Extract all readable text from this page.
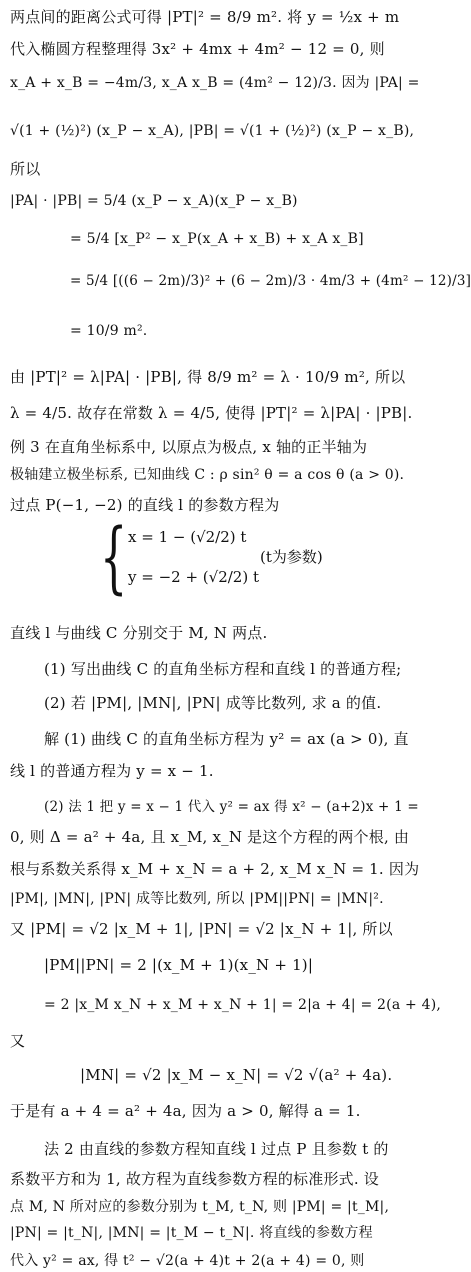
两点间的距离公式可得 |PT|² = 8/9 m². 将 y = ½x + m
代入椭圆方程整理得 3x² + 4mx + 4m² − 12 = 0, 则
x_A + x_B = −4m/3, x_A x_B = (4m² − 12)/3. 因为 |PA| =
√(1 + (½)²) (x_P − x_A), |PB| = √(1 + (½)²) (x_P − x_B),
所以
|PA| · |PB| = 5/4 (x_P − x_A)(x_P − x_B)
= 5/4 [x_P² − x_P(x_A + x_B) + x_A x_B]
= 5/4 [((6 − 2m)/3)² + (6 − 2m)/3 · 4m/3 + (4m² − 12)/3]
= 10/9 m².
由 |PT|² = λ|PA| · |PB|, 得 8/9 m² = λ · 10/9 m², 所以
λ = 4/5. 故存在常数 λ = 4/5, 使得 |PT|² = λ|PA| · |PB|.
例 3 在直角坐标系中, 以原点为极点, x 轴的正半轴为
极轴建立极坐标系, 已知曲线 C : ρ sin² θ = a cos θ (a > 0).
过点 P(−1, −2) 的直线 l 的参数方程为
{ x = 1 − (√2/2) t
y = −2 + (√2/2) t
(t为参数)
直线 l 与曲线 C 分别交于 M, N 两点.
(1) 写出曲线 C 的直角坐标方程和直线 l 的普通方程;
(2) 若 |PM|, |MN|, |PN| 成等比数列, 求 a 的值.
解 (1) 曲线 C 的直角坐标方程为 y² = ax (a > 0), 直
线 l 的普通方程为 y = x − 1.
(2) 法 1 把 y = x − 1 代入 y² = ax 得 x² − (a+2)x + 1 =
0, 则 Δ = a² + 4a, 且 x_M, x_N 是这个方程的两个根, 由
根与系数关系得 x_M + x_N = a + 2, x_M x_N = 1. 因为
|PM|, |MN|, |PN| 成等比数列, 所以 |PM||PN| = |MN|².
又 |PM| = √2 |x_M + 1|, |PN| = √2 |x_N + 1|, 所以
|PM||PN| = 2 |(x_M + 1)(x_N + 1)|
= 2 |x_M x_N + x_M + x_N + 1| = 2|a + 4| = 2(a + 4),
又
|MN| = √2 |x_M − x_N| = √2 √(a² + 4a).
于是有 a + 4 = a² + 4a, 因为 a > 0, 解得 a = 1.
法 2 由直线的参数方程知直线 l 过点 P 且参数 t 的
系数平方和为 1, 故方程为直线参数方程的标准形式. 设
点 M, N 所对应的参数分别为 t_M, t_N, 则 |PM| = |t_M|,
|PN| = |t_N|, |MN| = |t_M − t_N|. 将直线的参数方程
代入 y² = ax, 得 t² − √2(a + 4)t + 2(a + 4) = 0, 则
